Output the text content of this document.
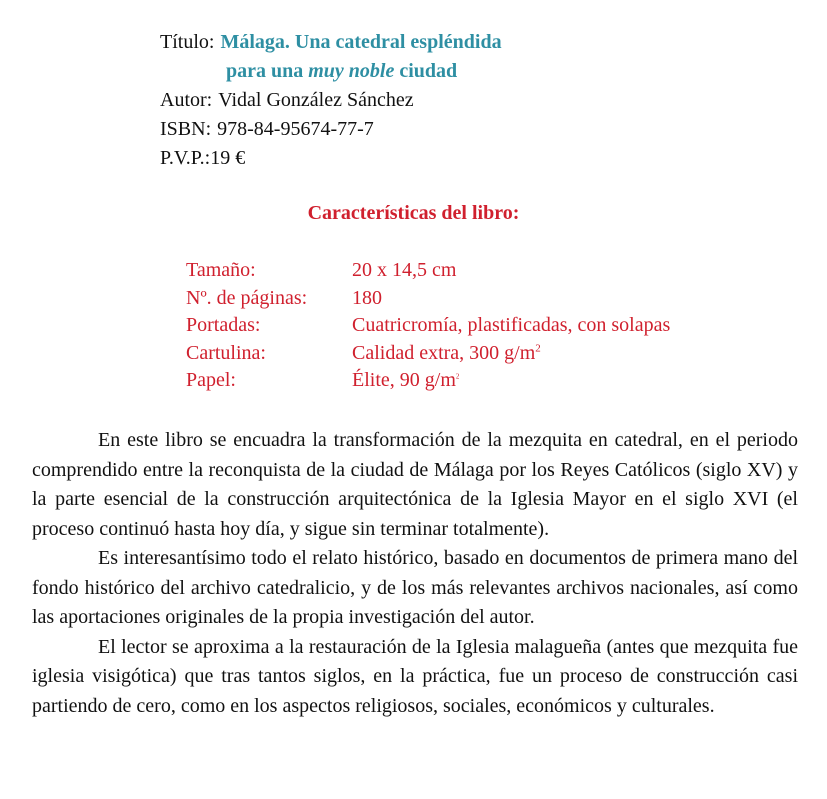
Título: Málaga. Una catedral espléndida
para una muy noble ciudad
Autor: Vidal González Sánchez
ISBN: 978-84-95674-77-7
P.V.P.: 19 €
Características del libro:
Tamaño:	20 x 14,5 cm
Nº. de páginas:	180
Portadas:	Cuatricromía, plastificadas, con solapas
Cartulina:	Calidad extra, 300 $g/m^2$
Papel:	Élite, 90 $g/m^2$

En este libro se encuadra la transformación de la mezquita en catedral, en el periodo comprendido entre la reconquista de la ciudad de Málaga por los Reyes Católicos (siglo XV) y la parte esencial de la construcción arquitectónica de la Iglesia Mayor en el siglo XVI (el proceso continuó hasta hoy día, y sigue sin terminar totalmente).

Es interesantísimo todo el relato histórico, basado en documentos de primera mano del fondo histórico del archivo catedralicio, y de los más relevantes archivos nacionales, así como las aportaciones originales de la propia investigación del autor.

El lector se aproxima a la restauración de la Iglesia malagueña (antes que mezquita fue iglesia visigótica) que tras tantos siglos, en la práctica, fue un proceso de construcción casi partiendo de cero, como en los aspectos religiosos, sociales, económicos y culturales.
